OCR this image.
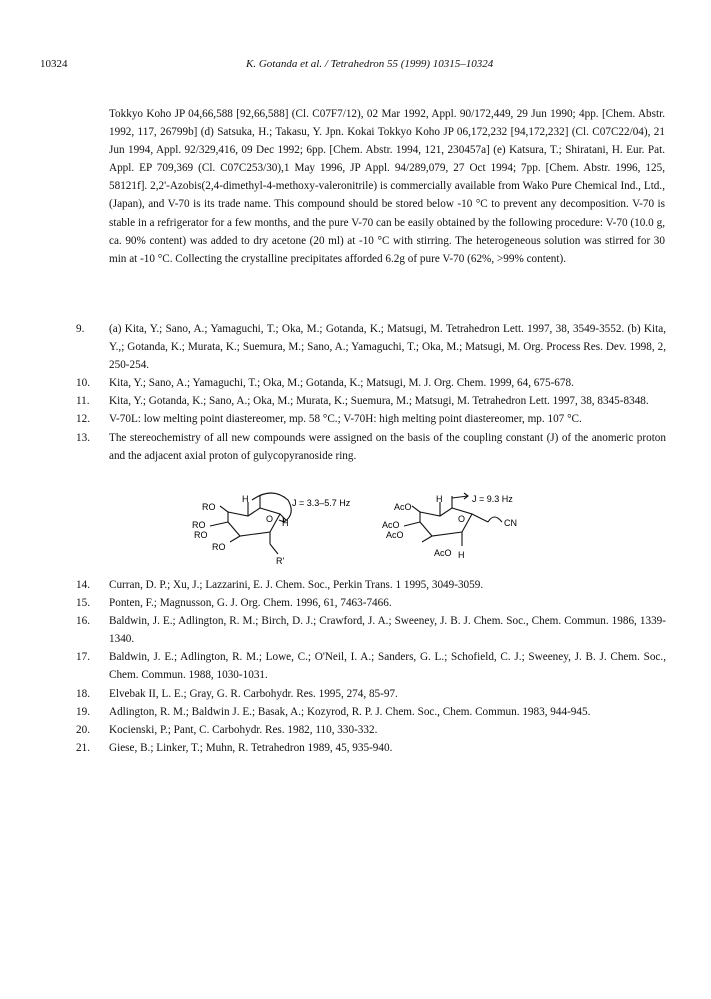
10324	K. Gotanda et al. / Tetrahedron 55 (1999) 10315–10324
Tokkyo Koho JP 04,66,588 [92,66,588] (Cl. C07F7/12), 02 Mar 1992, Appl. 90/172,449, 29 Jun 1990; 4pp. [Chem. Abstr. 1992, 117, 26799b] (d) Satsuka, H.; Takasu, Y. Jpn. Kokai Tokkyo Koho JP 06,172,232 [94,172,232] (Cl. C07C22/04), 21 Jun 1994, Appl. 92/329,416, 09 Dec 1992; 6pp. [Chem. Abstr. 1994, 121, 230457a] (e) Katsura, T.; Shiratani, H. Eur. Pat. Appl. EP 709,369 (Cl. C07C253/30),1 May 1996, JP Appl. 94/289,079, 27 Oct 1994; 7pp. [Chem. Abstr. 1996, 125, 58121f]. 2,2'-Azobis(2,4-dimethyl-4-methoxy-valeronitrile) is commercially available from Wako Pure Chemical Ind., Ltd., (Japan), and V-70 is its trade name. This compound should be stored below -10 °C to prevent any decomposition. V-70 is stable in a refrigerator for a few months, and the pure V-70 can be easily obtained by the following procedure: V-70 (10.0 g, ca. 90% content) was added to dry acetone (20 ml) at -10 °C with stirring. The heterogeneous solution was stirred for 30 min at -10 °C. Collecting the crystalline precipitates afforded 6.2g of pure V-70 (62%, >99% content).
9.	(a) Kita, Y.; Sano, A.; Yamaguchi, T.; Oka, M.; Gotanda, K.; Matsugi, M. Tetrahedron Lett. 1997, 38, 3549-3552. (b) Kita, Y.,; Gotanda, K.; Murata, K.; Suemura, M.; Sano, A.; Yamaguchi, T.; Oka, M.; Matsugi, M. Org. Process Res. Dev. 1998, 2, 250-254.
10.	Kita, Y.; Sano, A.; Yamaguchi, T.; Oka, M.; Gotanda, K.; Matsugi, M. J. Org. Chem. 1999, 64, 675-678.
11.	Kita, Y.; Gotanda, K.; Sano, A.; Oka, M.; Murata, K.; Suemura, M.; Matsugi, M. Tetrahedron Lett. 1997, 38, 8345-8348.
12.	V-70L: low melting point diastereomer, mp. 58 °C.; V-70H: high melting point diastereomer, mp. 107 °C.
13.	The stereochemistry of all new compounds were assigned on the basis of the coupling constant (J) of the anomeric proton and the adjacent axial proton of gulycopyranoside ring.
RO
RO
RO
RO
H
H
O
R'
J = 3.3–5.7 Hz	AcO
AcO
AcO
AcO
H
H
O	CN
J = 9.3 Hz
14.	Curran, D. P.; Xu, J.; Lazzarini, E. J. Chem. Soc., Perkin Trans. 1 1995, 3049-3059.
15.	Ponten, F.; Magnusson, G. J. Org. Chem. 1996, 61, 7463-7466.
16.	Baldwin, J. E.; Adlington, R. M.; Birch, D. J.; Crawford, J. A.; Sweeney, J. B. J. Chem. Soc., Chem. Commun. 1986, 1339-1340.
17.	Baldwin, J. E.; Adlington, R. M.; Lowe, C.; O'Neil, I. A.; Sanders, G. L.; Schofield, C. J.; Sweeney, J. B. J. Chem. Soc., Chem. Commun. 1988, 1030-1031.
18.	Elvebak II, L. E.; Gray, G. R. Carbohydr. Res. 1995, 274, 85-97.
19.	Adlington, R. M.; Baldwin J. E.; Basak, A.; Kozyrod, R. P. J. Chem. Soc., Chem. Commun. 1983, 944-945.
20.	Kocienski, P.; Pant, C. Carbohydr. Res. 1982, 110, 330-332.
21.	Giese, B.; Linker, T.; Muhn, R. Tetrahedron 1989, 45, 935-940.
